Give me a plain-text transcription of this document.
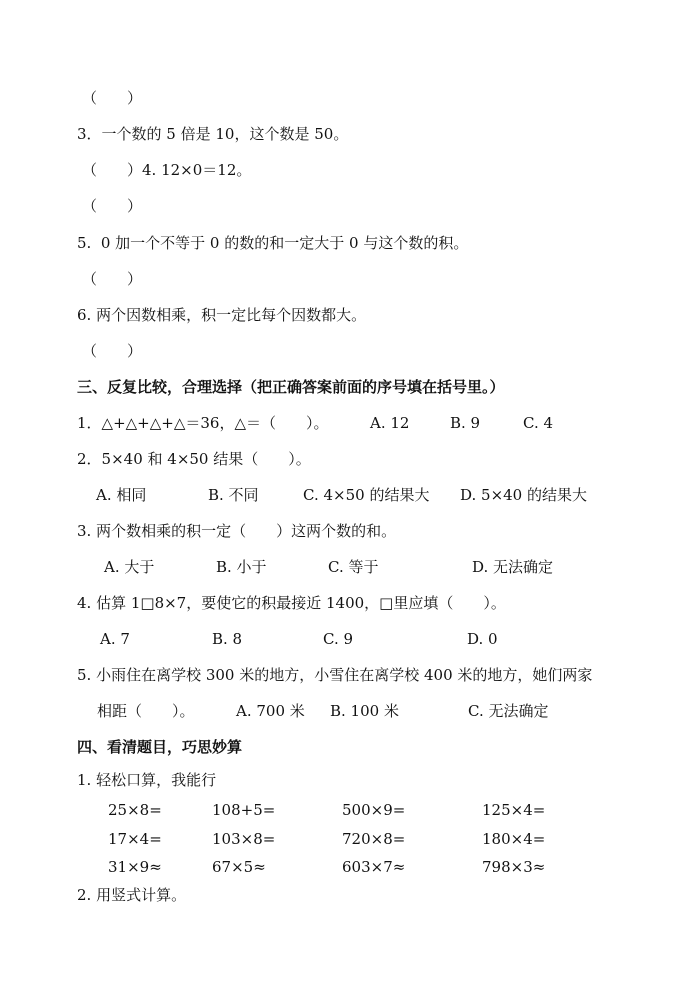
（　　）
3．一个数的 5 倍是 10，这个数是 50。
（　　）4. 12×0＝12。
（　　）
5.  0 加一个不等于 0 的数的和一定大于 0 与这个数的积。
（　　）
6. 两个因数相乘，积一定比每个因数都大。
（　　）
三、反复比较，合理选择（把正确答案前面的序号填在括号里。）
1．△+△+△+△＝36，△＝（　　）。	A. 12	B. 9	C. 4
2．5×40 和 4×50 结果（　　）。
A. 相同	B. 不同	C. 4×50 的结果大 D. 5×40 的结果大
3. 两个数相乘的积一定（　　）这两个数的和。
A. 大于	B. 小于	C. 等于	D. 无法确定
4. 估算 1□8×7，要使它的积最接近 1400，□里应填（　　）。
A. 7	B. 8	C. 9	D. 0
5. 小雨住在离学校 300 米的地方，小雪住在离学校 400 米的地方，她们两家
相距（　　）。	A. 700 米 B. 100 米	C. 无法确定
四、看清题目，巧思妙算
1. 轻松口算，我能行
25×8=	108+5=	500×9=	125×4=
17×4=	103×8=	720×8=	180×4=
31×9≈	67×5≈	603×7≈	798×3≈
2. 用竖式计算。
